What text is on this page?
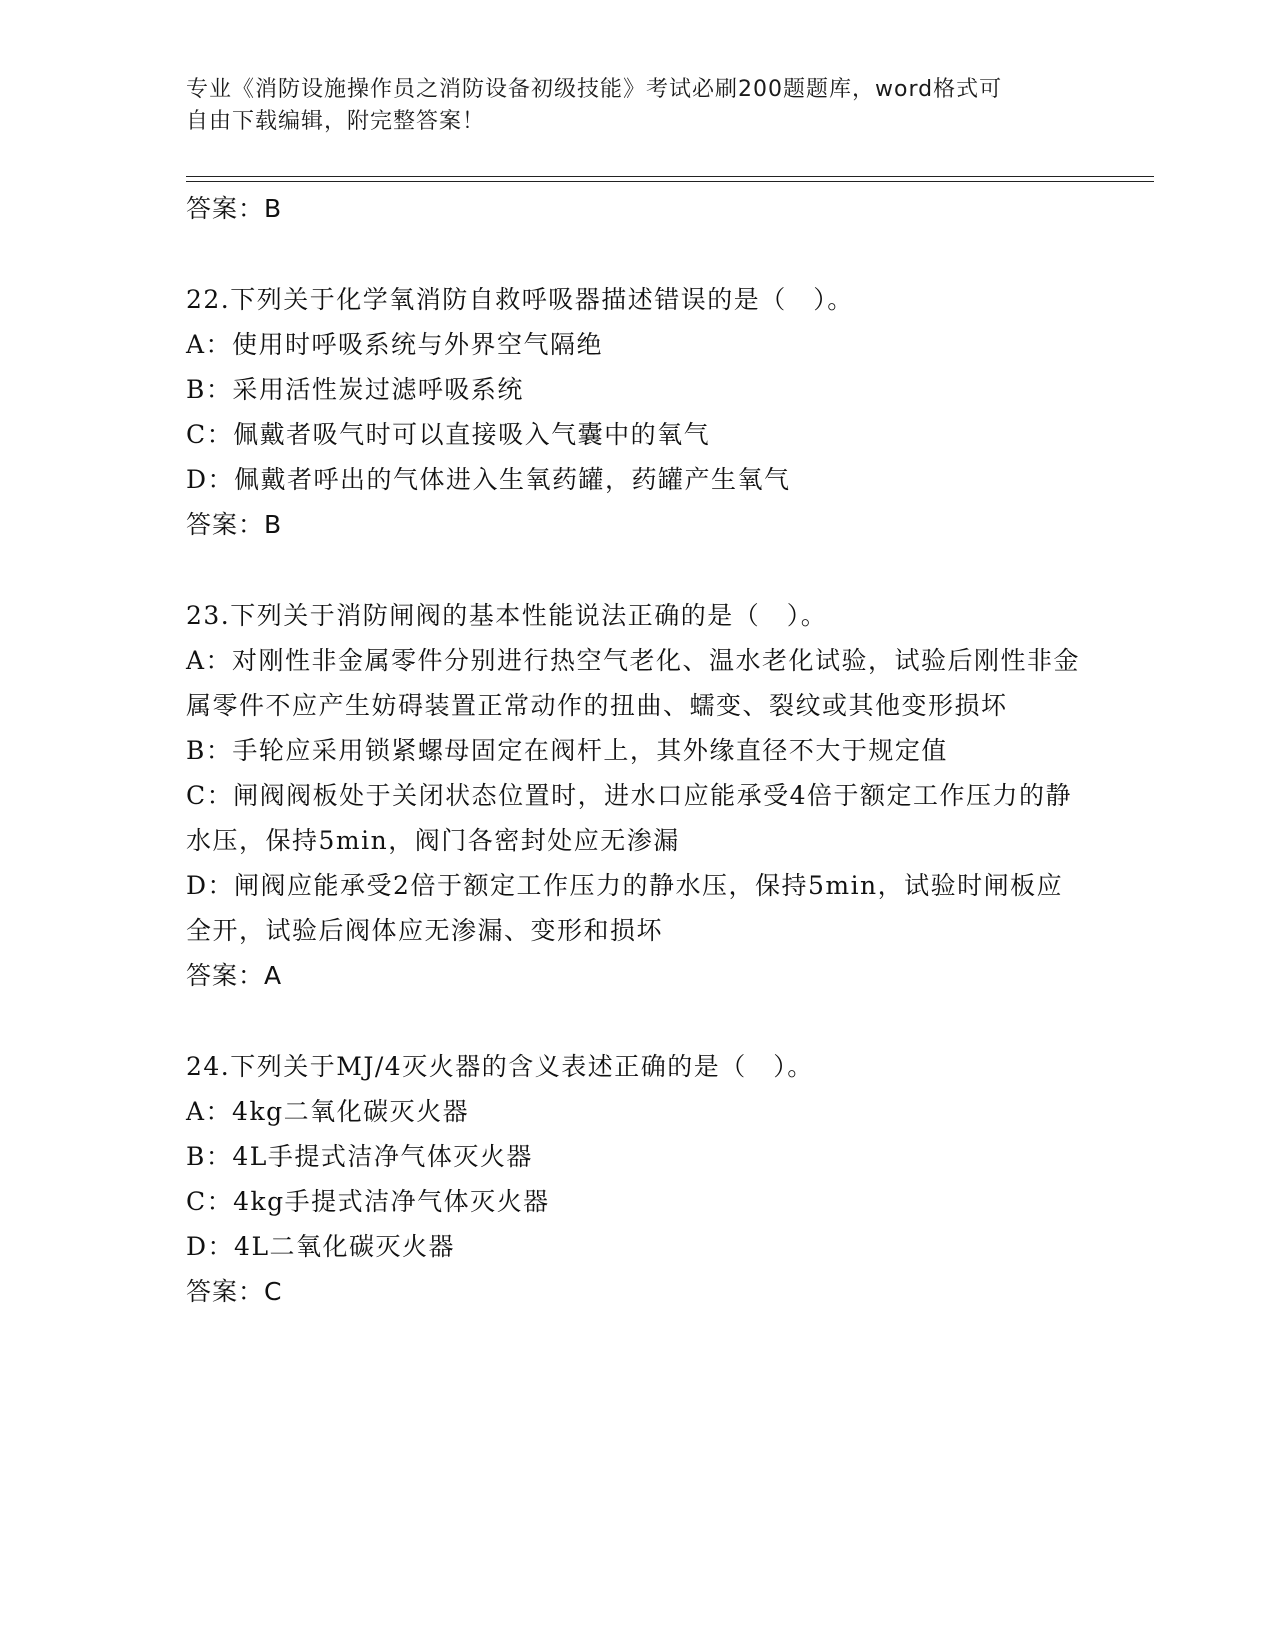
专业《消防设施操作员之消防设备初级技能》考试必刷200题题库，word格式可
自由下载编辑，附完整答案！
答案：B
22.下列关于化学氧消防自救呼吸器描述错误的是（　）。
A：使用时呼吸系统与外界空气隔绝
B：采用活性炭过滤呼吸系统
C：佩戴者吸气时可以直接吸入气囊中的氧气
D：佩戴者呼出的气体进入生氧药罐，药罐产生氧气
答案：B
23.下列关于消防闸阀的基本性能说法正确的是（　）。
A：对刚性非金属零件分别进行热空气老化、温水老化试验，试验后刚性非金属零件不应产生妨碍装置正常动作的扭曲、蠕变、裂纹或其他变形损坏
B：手轮应采用锁紧螺母固定在阀杆上，其外缘直径不大于规定值
C：闸阀阀板处于关闭状态位置时，进水口应能承受4倍于额定工作压力的静水压，保持5min，阀门各密封处应无渗漏
D：闸阀应能承受2倍于额定工作压力的静水压，保持5min，试验时闸板应全开，试验后阀体应无渗漏、变形和损坏
答案：A
24.下列关于MJ/4灭火器的含义表述正确的是（　）。
A：4kg二氧化碳灭火器
B：4L手提式洁净气体灭火器
C：4kg手提式洁净气体灭火器
D：4L二氧化碳灭火器
答案：C
